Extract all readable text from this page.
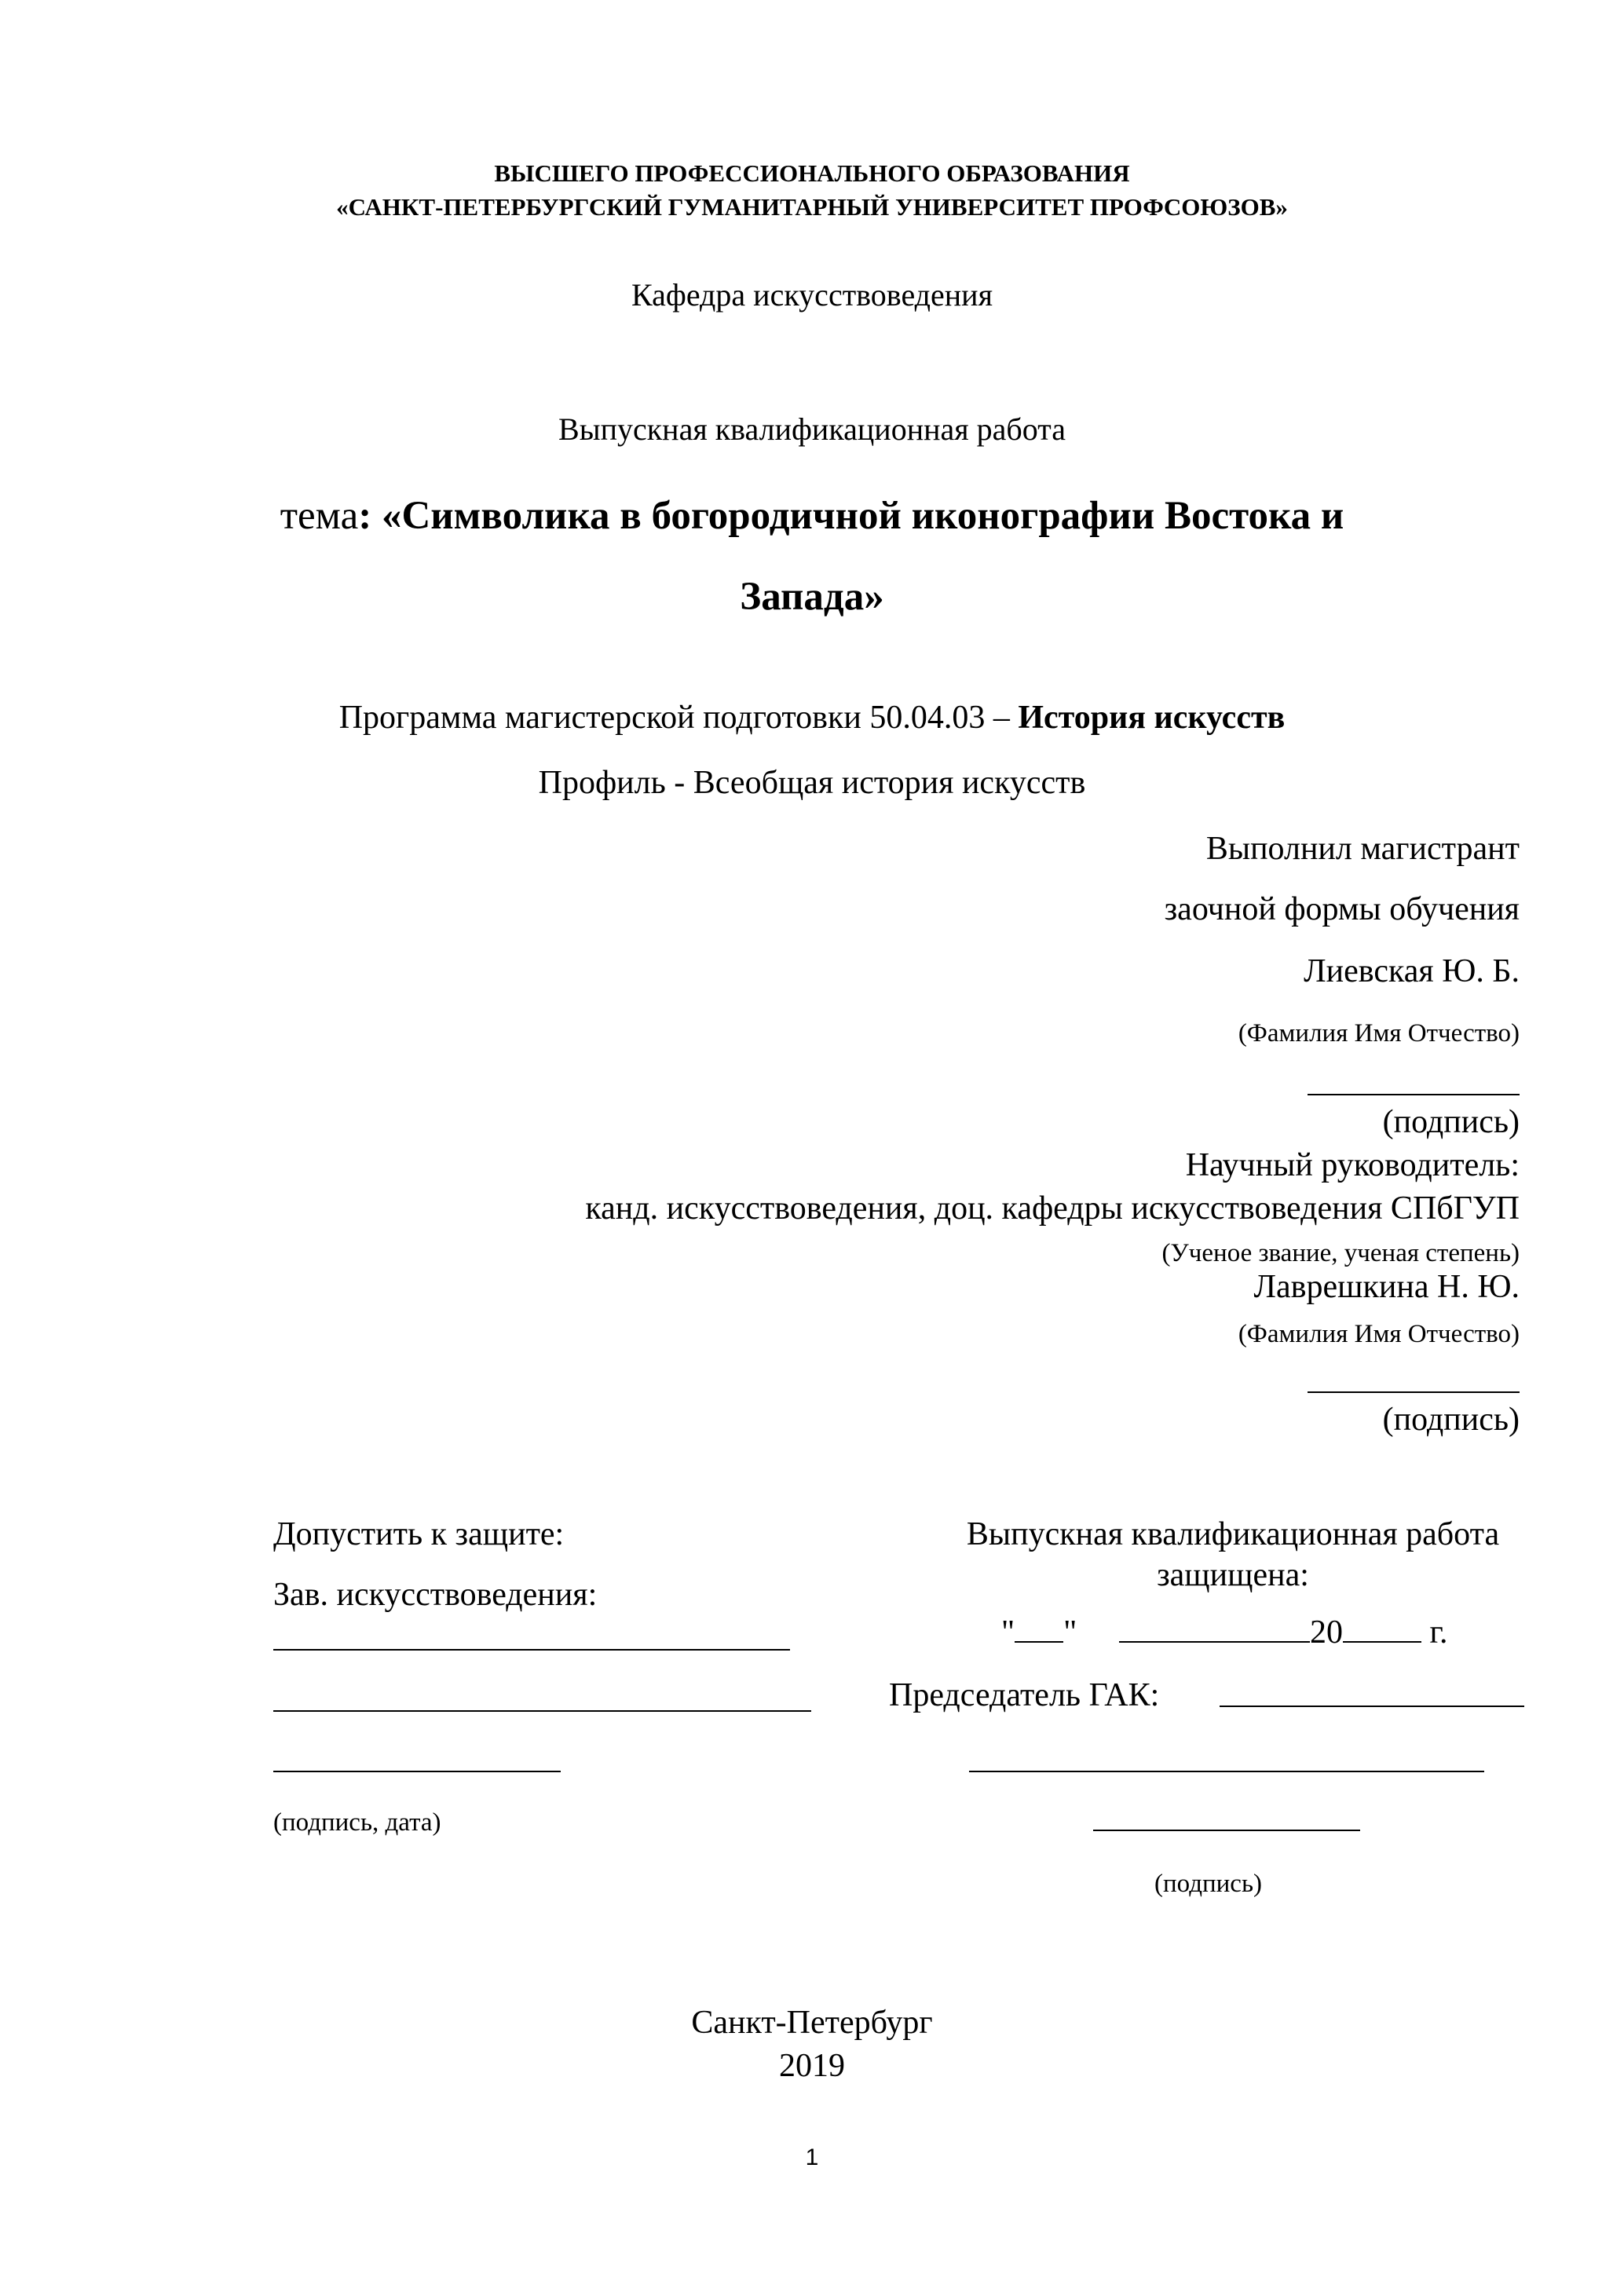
ВЫСШЕГО ПРОФЕССИОНАЛЬНОГО ОБРАЗОВАНИЯ
«САНКТ-ПЕТЕРБУРГСКИЙ ГУМАНИТАРНЫЙ УНИВЕРСИТЕТ ПРОФСОЮЗОВ»
Кафедра искусствоведения
Выпускная квалификационная работа
тема: «Символика в богородичной иконографии Востока и
Запада»
Программа магистерской подготовки 50.04.03 – История искусств
Профиль - Всеобщая история искусств
Выполнил магистрант
заочной формы обучения
Лиевская Ю. Б.
(Фамилия Имя Отчество)
(подпись)
Научный руководитель:
канд. искусствоведения, доц. кафедры искусствоведения СПбГУП
(Ученое звание, ученая степень)
Лаврешкина Н. Ю.
(Фамилия Имя Отчество)
(подпись)
Допустить к защите:
Зав. искусствоведения:
(подпись, дата)
Выпускная квалификационная работа
защищена:
" "	20	г.
Председатель ГАК:
(подпись)
Санкт-Петербург
2019
1
